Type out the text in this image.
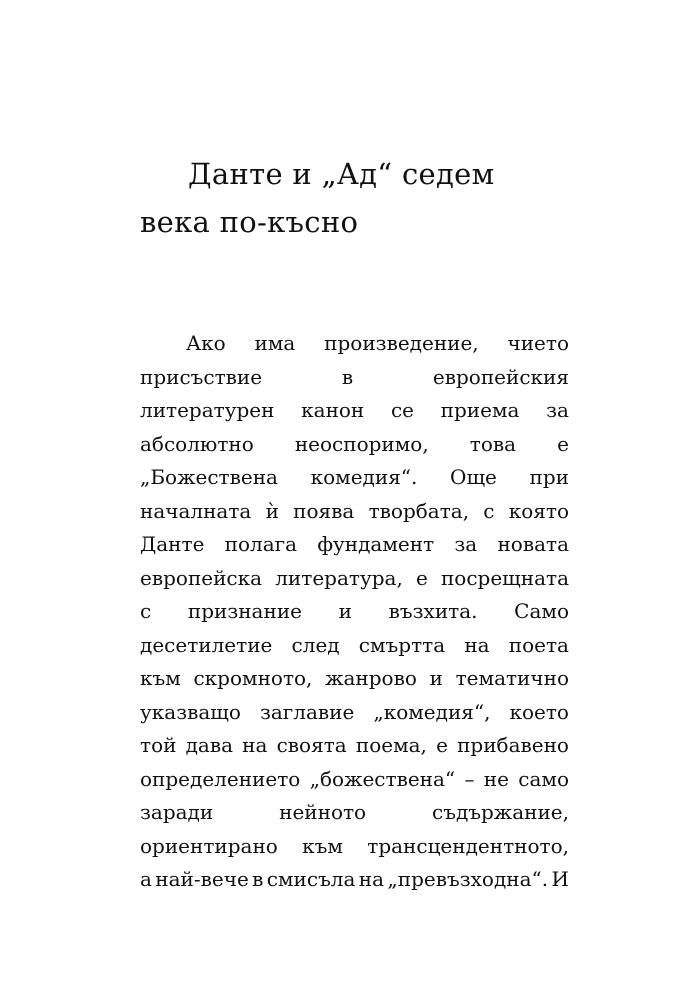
Данте и „Ад“ седем
века по-късно
Ако има произведение, чието
присъствие	в	европейския
литературен канон се приема за
абсолютно неоспоримо, това е
„Божествена комедия“. Още при
началната ѝ поява творбата, с която
Данте полага фундамент за новата
европейска литература, е посрещната
с признание и възхита. Само
десетилетие след смъртта на поета
към скромното, жанрово и тематично
указващо заглавие „комедия“, което
той дава на своята поема, е прибавено
определението „божествена“ – не само
заради	нейното	съдържание,
ориентирано към трансцендентното,
а най-вече в смисъла на „превъзходна“. И
